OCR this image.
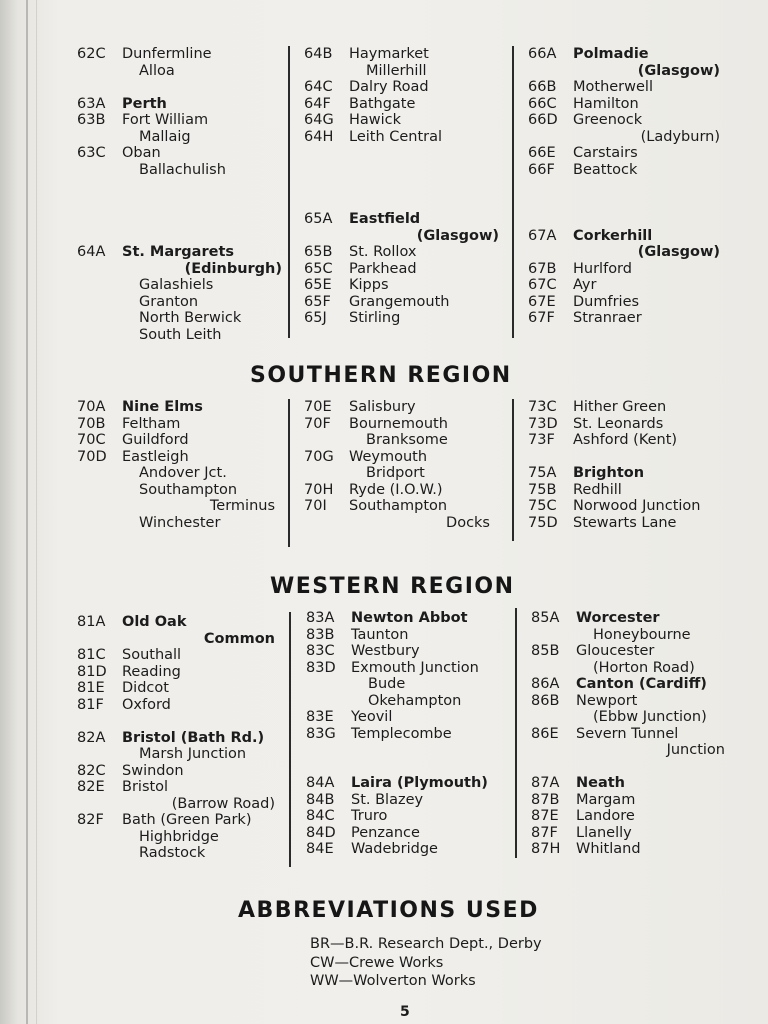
62C Dunfermline
Alloa
63A Perth
63B Fort William
Mallaig
63C Oban
Ballachulish
64A St. Margarets
(Edinburgh)
Galashiels
Granton
North Berwick
South Leith
64B Haymarket
Millerhill
64C Dalry Road
64F Bathgate
64G Hawick
64H Leith Central
65A Eastfield
(Glasgow)
65B St. Rollox
65C Parkhead
65E Kipps
65F Grangemouth
65J Stirling
66A Polmadie
(Glasgow)
66B Motherwell
66C Hamilton
66D Greenock
(Ladyburn)
66E Carstairs
66F Beattock
67A Corkerhill
(Glasgow)
67B Hurlford
67C Ayr
67E Dumfries
67F Stranraer
SOUTHERN REGION
70A Nine Elms
70B Feltham
70C Guildford
70D Eastleigh
Andover Jct.
Southampton
Terminus
Winchester
70E Salisbury
70F Bournemouth
Branksome
70G Weymouth
Bridport
70H Ryde (I.O.W.)
70I Southampton
Docks
73C Hither Green
73D St. Leonards
73F Ashford (Kent)
75A Brighton
75B Redhill
75C Norwood Junction
75D Stewarts Lane
WESTERN REGION
81A Old Oak
Common
81C Southall
81D Reading
81E Didcot
81F Oxford
82A Bristol (Bath Rd.)
Marsh Junction
82C Swindon
82E Bristol
(Barrow Road)
82F Bath (Green Park)
Highbridge
Radstock
83A Newton Abbot
83B Taunton
83C Westbury
83D Exmouth Junction
Bude
Okehampton
83E Yeovil
83G Templecombe
84A Laira (Plymouth)
84B St. Blazey
84C Truro
84D Penzance
84E Wadebridge
85A Worcester
Honeybourne
85B Gloucester
(Horton Road)
86A Canton (Cardiff)
86B Newport
(Ebbw Junction)
86E Severn Tunnel
Junction
87A Neath
87B Margam
87E Landore
87F Llanelly
87H Whitland
ABBREVIATIONS USED
BR—B.R. Research Dept., Derby
CW—Crewe Works
WW—Wolverton Works
5
